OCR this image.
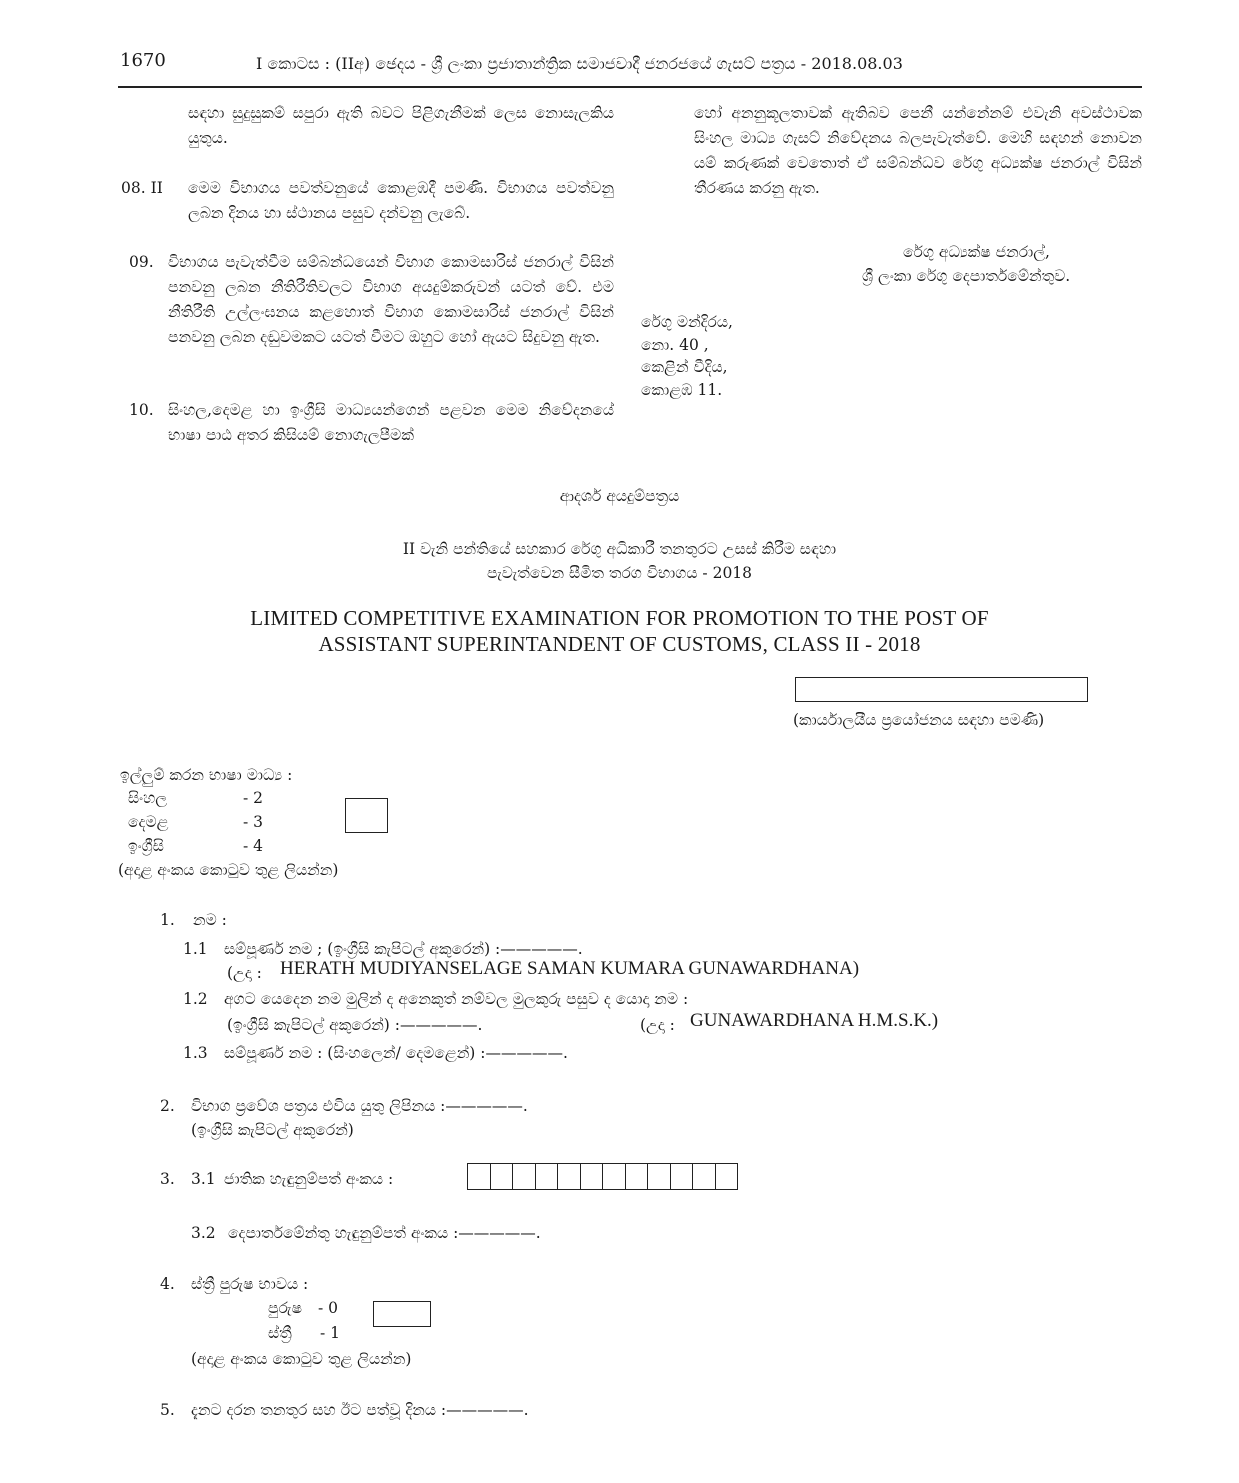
1670	I කොටස : (IIඅ) ඡෙදය - ශ්‍රී ලංකා ප්‍රජාතාන්ත්‍රික සමාජවාදී ජනරජයේ ගැසට් පත්‍රය - 2018.08.03
සඳහා සුදුසුකම් සපුරා ඇති බවට පිළිගැනීමක් ලෙස නොසැලකිය යුතුය.
08. II මෙම විභාගය පවත්වනුයේ කොළඹදී පමණි. විභාගය පවත්වනු ලබන දිනය හා ස්ථානය පසුව දන්වනු ලැබේ.
09. විභාගය පැවැත්වීම සම්බන්ධයෙන් විභාග කොමසාරිස් ජනරාල් විසින් පනවනු ලබන නීතිරීතිවලට විභාග අයදුම්කරුවන් යටත් වේ. එම නීතිරීති උල්ලංඝනය කළහොත් විභාග කොමසාරිස් ජනරාල් විසින් පනවනු ලබන දඬුවමකට යටත් වීමට ඔහුට හෝ ඇයට සිදුවනු ඇත.
10. සිංහල,දෙමළ හා ඉංග්‍රීසි මාධ්‍යයන්ගෙන් පළවන මෙම නිවේදනයේ භාෂා පාඨ අතර කිසියම් නොගැලපීමක්
හෝ අනනුකූලතාවක් ඇතිබව පෙනී යන්නේනම් එවැනි අවස්ථාවක සිංහල මාධ්‍ය ගැසට් නිවේදනය බලපැවැත්වේ. මෙහි සඳහන් නොවන යම් කරුණක් වෙතොත් ඒ සම්බන්ධව රේගු අධ්‍යක්ෂ ජනරාල් විසින් තීරණය කරනු ඇත.
රේගු අධ්‍යක්ෂ ජනරාල්,
ශ්‍රී ලංකා රේගු දෙපාර්තමේන්තුව.
රේගු මන්දිරය,
නො. 40 ,
කෙළින් වීදිය,
කොළඹ 11.
ආදර්ශ අයදුම්පත්‍රය
II වැනි පන්තියේ සහකාර රේගු අධිකාරී තනතුරට උසස් කිරීම සඳහා
පැවැත්වෙන සීමිත තරග විභාගය - 2018
LIMITED COMPETITIVE EXAMINATION FOR PROMOTION TO THE POST OF
ASSISTANT SUPERINTANDENT OF CUSTOMS, CLASS II - 2018
(කාර්යාලයීය ප්‍රයෝජනය සඳහා පමණි)
ඉල්ලුම් කරන භාෂා මාධ්‍ය :
සිංහල	- 2
දෙමළ	- 3
ඉංග්‍රීසි	- 4
(අදාළ අංකය කොටුව තුළ ලියන්න)
1. නම :
1.1 සම්පූර්ණ නම ; (ඉංග්‍රීසි කැපිටල් අකුරෙන්) :—————.
(උදා : HERATH MUDIYANSELAGE SAMAN KUMARA GUNAWARDHANA)
1.2 අගට යෙදෙන නම මුලින් ද අනෙකුත් නම්වල මුලකුරු පසුව ද යොදා නම :
(ඉංග්‍රීසි කැපිටල් අකුරෙන්) :—————.	(උදා : GUNAWARDHANA H.M.S.K.)
1.3 සම්පූර්ණ නම : (සිංහලෙන්/ දෙමළෙන්) :—————.
2. විභාග ප්‍රවේශ පත්‍රය එවිය යුතු ලිපිනය :—————.
(ඉංග්‍රීසි කැපිටල් අකුරෙන්)
3. 3.1 ජාතික හැඳුනුම්පත් අංකය :
3.2 දෙපාර්තමේන්තු හැඳුනුම්පත් අංකය :—————.
4. ස්ත්‍රී පුරුෂ භාවය :
පුරුෂ - 0
ස්ත්‍රී - 1
(අදාළ අංකය කොටුව තුළ ලියන්න)
5. දැනට දරන තනතුර සහ ඊට පත්වූ දිනය :—————.
